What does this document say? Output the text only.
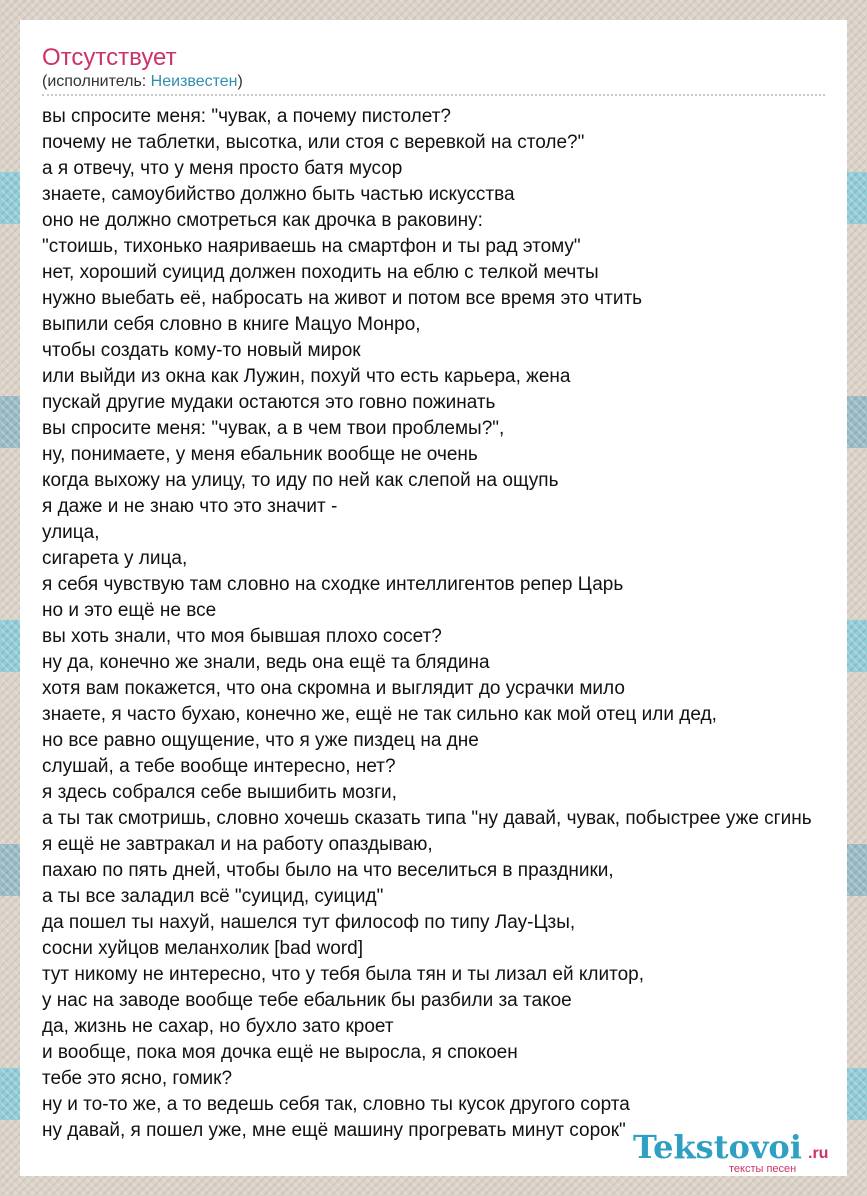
Отсутствует
(исполнитель: Неизвестен)
вы спросите меня: "чувак, а почему пистолет?
почему не таблетки, высотка, или стоя с веревкой на столе?"
а я отвечу, что у меня просто батя мусор
знаете, самоубийство должно быть частью искусства
оно не должно смотреться как дрочка в раковину:
"стоишь, тихонько наяриваешь на смартфон и ты рад этому"
нет, хороший суицид должен походить на еблю с телкой мечты
нужно выебать её, набросать на живот и потом все время это чтить
выпили себя словно в книге Мацуо Монро,
чтобы создать кому-то новый мирок
или выйди из окна как Лужин, похуй что есть карьера, жена
пускай другие мудаки остаются это говно пожинать
вы спросите меня: "чувак, а в чем твои проблемы?",
ну, понимаете, у меня ебальник вообще не очень
когда выхожу на улицу, то иду по ней как слепой на ощупь
я даже и не знаю что это значит -
улица,
сигарета у лица,
я себя чувствую там словно на сходке интеллигентов репер Царь
но и это ещё не все
вы хоть знали, что моя бывшая плохо сосет?
ну да, конечно же знали, ведь она ещё та блядина
хотя вам покажется, что она скромна и выглядит до усрачки мило
знаете, я часто бухаю, конечно же, ещё не так сильно как мой отец или дед,
но все равно ощущение, что я уже пиздец на дне
слушай, а тебе вообще интересно, нет?
я здесь собрался себе вышибить мозги,
а ты так смотришь, словно хочешь сказать типа "ну давай, чувак, побыстрее уже сгинь
я ещё не завтракал и на работу опаздываю,
пахаю по пять дней, чтобы было на что веселиться в праздники,
а ты все заладил всё "суицид, суицид"
да пошел ты нахуй, нашелся тут философ по типу Лау-Цзы,
сосни хуйцов меланхолик [bad word]
тут никому не интересно, что у тебя была тян и ты лизал ей клитор,
у нас на заводе вообще тебе ебальник бы разбили за такое
да, жизнь не сахар, но бухло зато кроет
и вообще, пока моя дочка ещё не выросла, я спокоен
тебе это ясно, гомик?
ну и то-то же, а то ведешь себя так, словно ты кусок другого сорта
ну давай, я пошел уже, мне ещё машину прогревать минут сорок" Tekstovoi .ru
тексты песен
